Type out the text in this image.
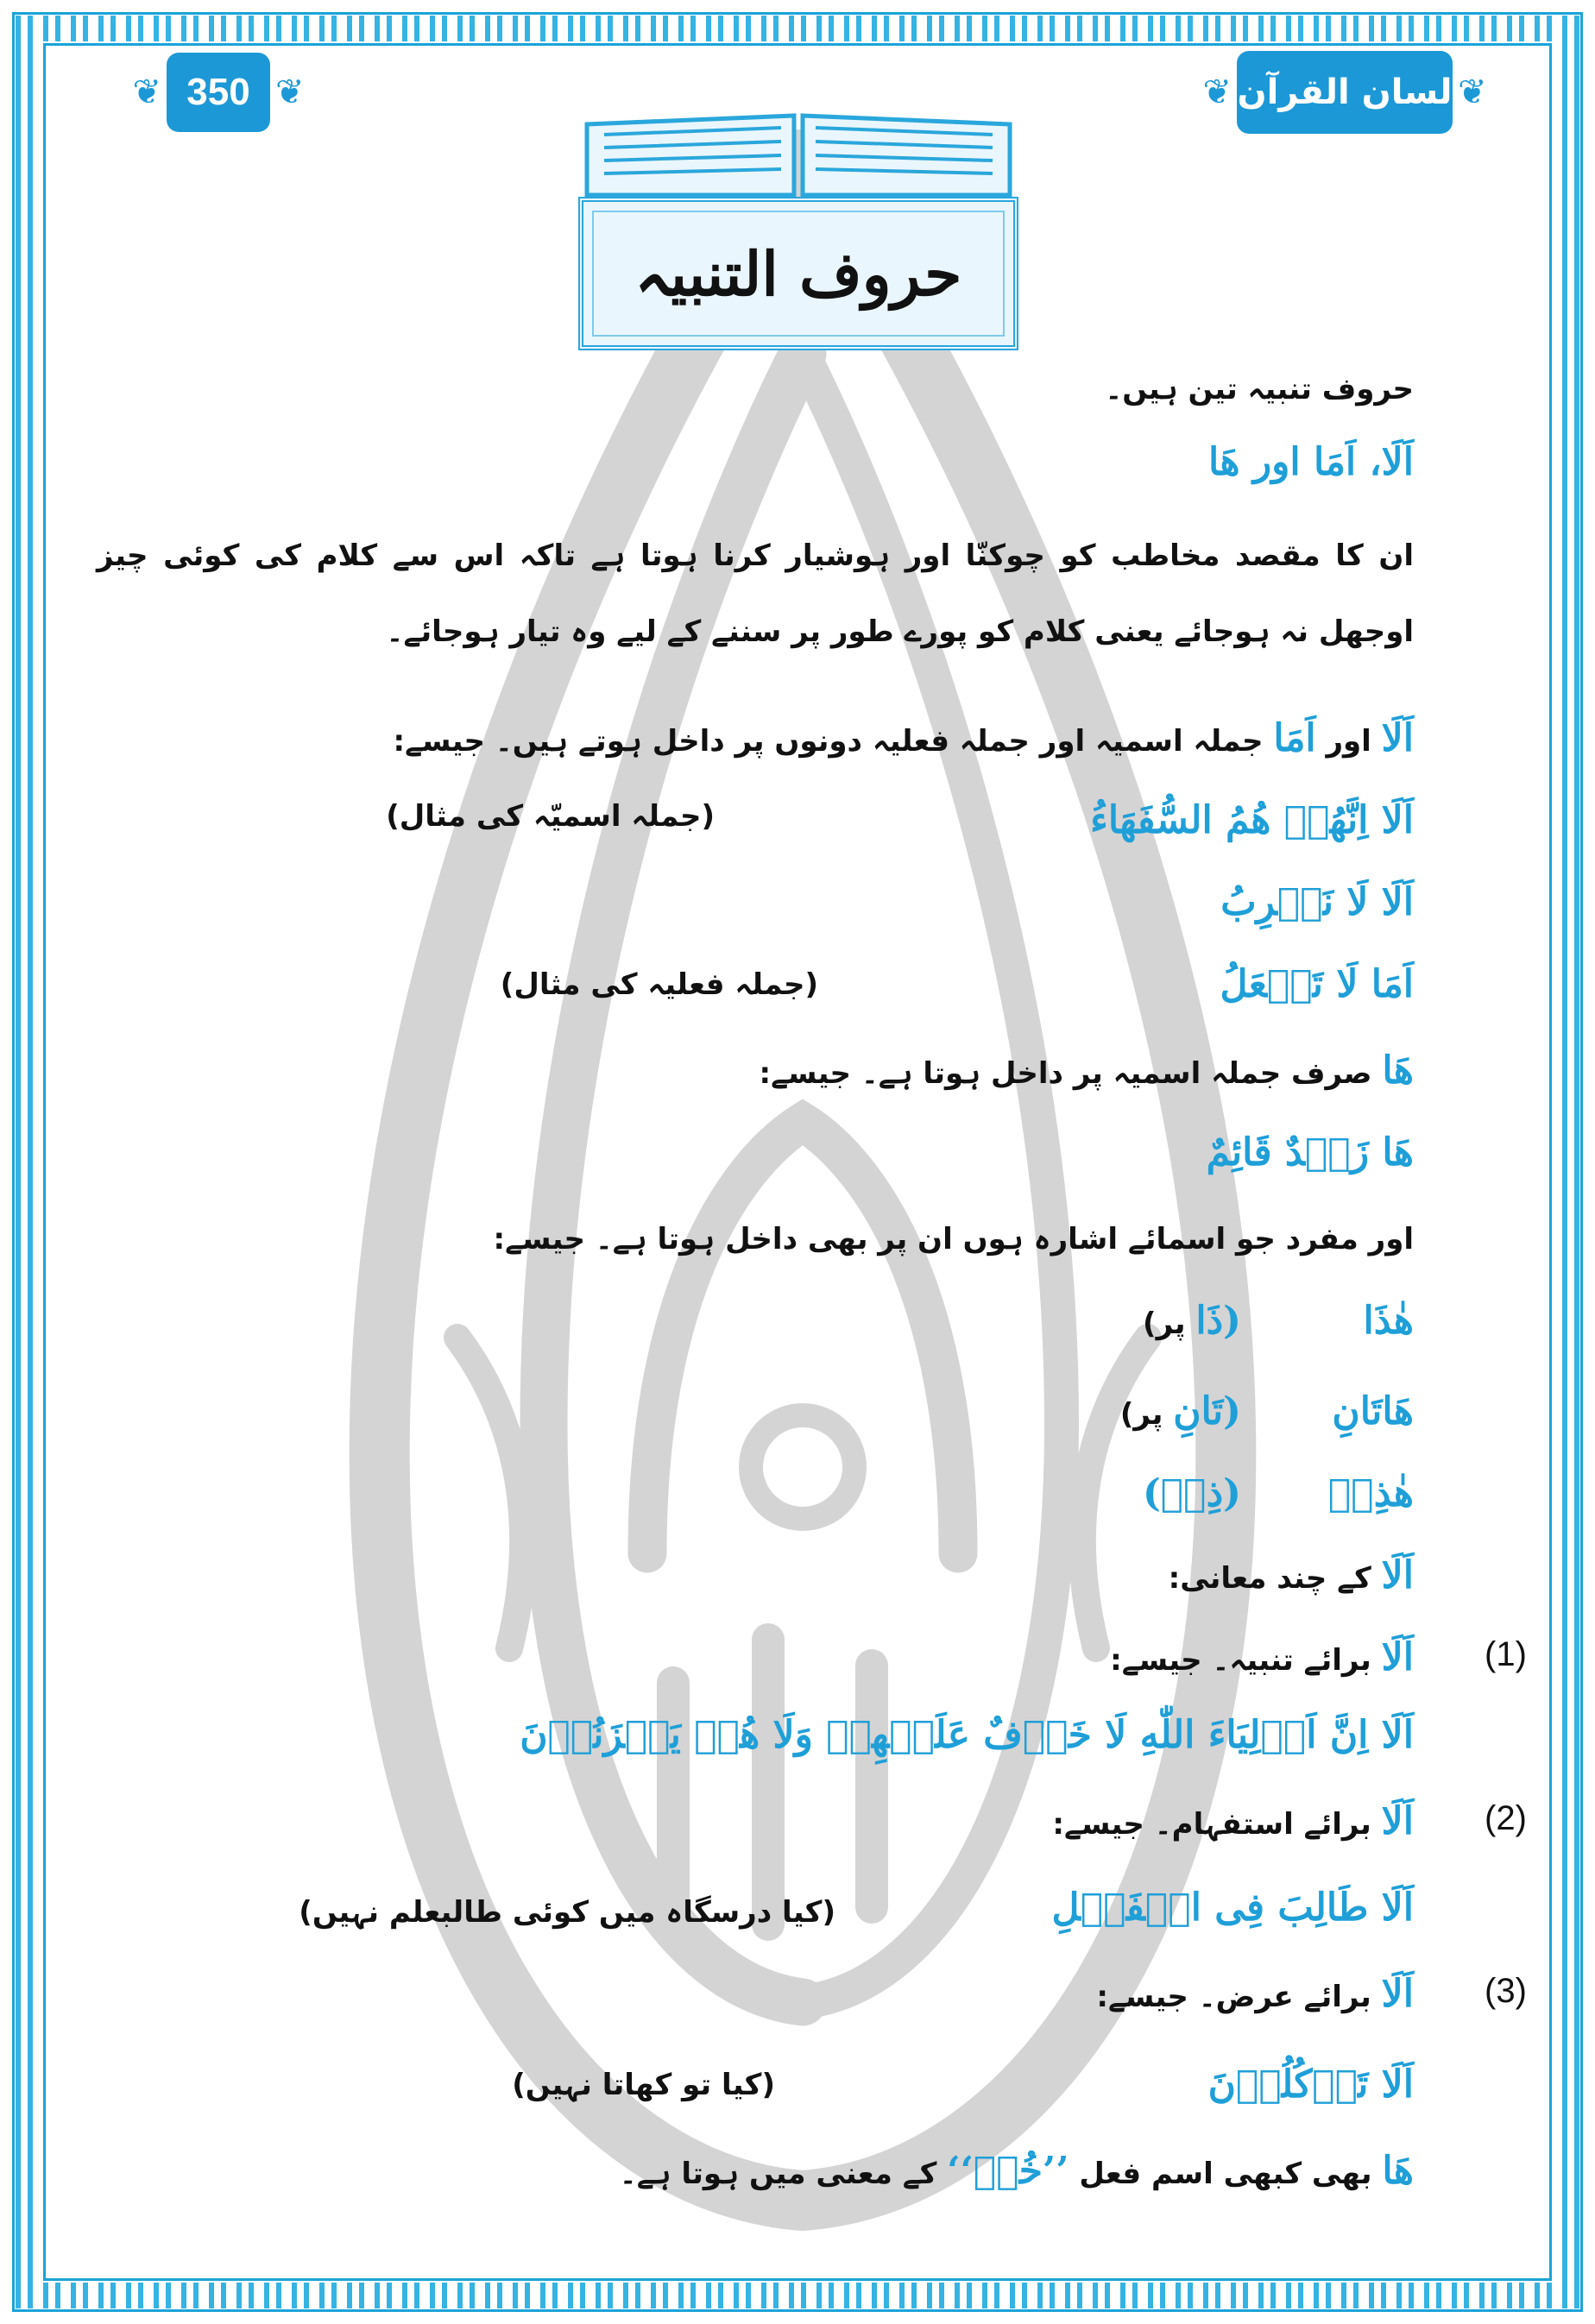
❦ 350 ❦	❦ لسان القرآن ❦
حروف التنبیہ
حروف تنبیہ تین ہیں۔
اَلَا، اَمَا اور هَا
ان کا مقصد مخاطب کو چوکنّا اور ہوشیار کرنا ہوتا ہے تاکہ اس سے کلام کی کوئی چیز اوجھل نہ ہوجائے یعنی کلام کو پورے طور پر سننے کے لیے وہ تیار ہوجائے۔
اَلَا اور اَمَا جملہ اسمیہ اور جملہ فعلیہ دونوں پر داخل ہوتے ہیں۔ جیسے:
اَلَا اِنَّهُمۡ هُمُ السُّفَهَاءُ
(جملہ اسمیّہ کی مثال)
اَلَا لَا نَضۡرِبُ
اَمَا لَا تَفۡعَلُ
(جملہ فعلیہ کی مثال)
هَا صرف جملہ اسمیہ پر داخل ہوتا ہے۔ جیسے:
هَا زَیۡدٌ قَائِمٌ
اور مفرد جو اسمائے اشارہ ہوں ان پر بھی داخل ہوتا ہے۔ جیسے:
هٰذَا
(ذَا پر)
هَاتَانِ
(تَانِ پر)
هٰذِهٖ
(ذِهٖ)
اَلَا کے چند معانی:
(1)
اَلَا برائے تنبیہ۔ جیسے:
اَلَا اِنَّ اَوۡلِیَاءَ اللّٰهِ لَا خَوۡفٌ عَلَیۡهِمۡ وَلَا هُمۡ یَحۡزَنُوۡنَ
(2)
اَلَا برائے استفہام۔ جیسے:
اَلَا طَالِبَ فِی الۡفَصۡلِ
(کیا درسگاہ میں کوئی طالبعلم نہیں)
(3)
اَلَا برائے عرض۔ جیسے:
اَلَا تَاۡکُلُوۡنَ
(کیا تو کھاتا نہیں)
هَا بھی کبھی اسم فعل ’’خُذۡ‘‘ کے معنی میں ہوتا ہے۔
